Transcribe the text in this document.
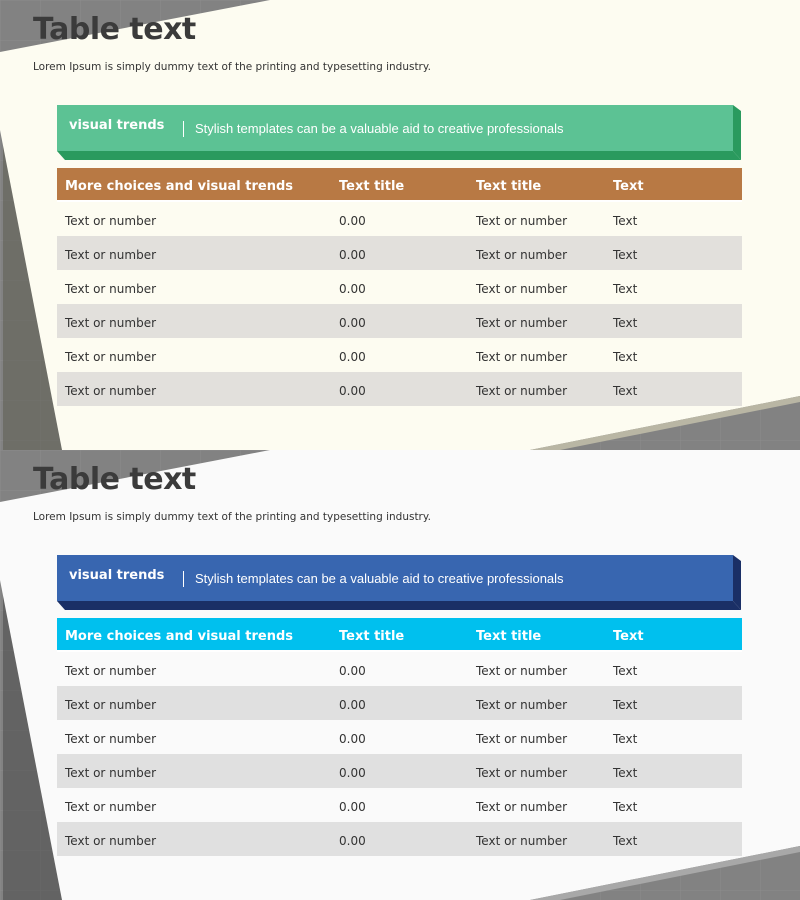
Table text

Lorem Ipsum is simply dummy text of the printing and typesetting industry.

visual trends Stylish templates can be a valuable aid to creative professionals
More choices and visual trends	Text title	Text title	Text
Text or number	0.00	Text or number	Text
Text or number	0.00	Text or number	Text
Text or number	0.00	Text or number	Text
Text or number	0.00	Text or number	Text
Text or number	0.00	Text or number	Text
Text or number	0.00	Text or number	Text
Table text

Lorem Ipsum is simply dummy text of the printing and typesetting industry.

visual trends Stylish templates can be a valuable aid to creative professionals
More choices and visual trends	Text title	Text title	Text
Text or number	0.00	Text or number	Text
Text or number	0.00	Text or number	Text
Text or number	0.00	Text or number	Text
Text or number	0.00	Text or number	Text
Text or number	0.00	Text or number	Text
Text or number	0.00	Text or number	Text
